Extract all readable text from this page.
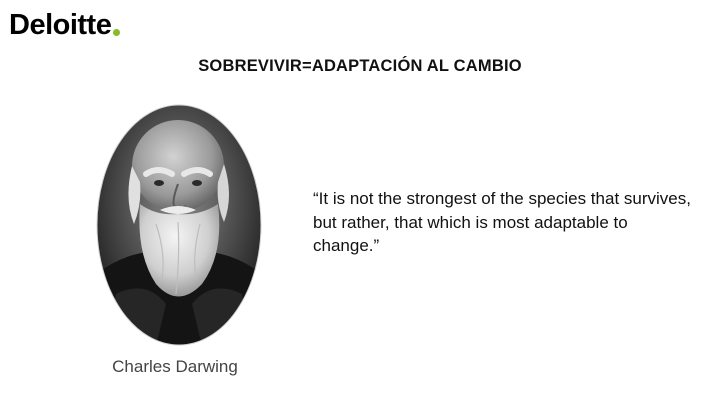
Deloitte
SOBREVIVIR=ADAPTACIÓN AL CAMBIO
“It is not the strongest of the species that survives, but rather, that which is most adaptable to change.”
Charles Darwing
